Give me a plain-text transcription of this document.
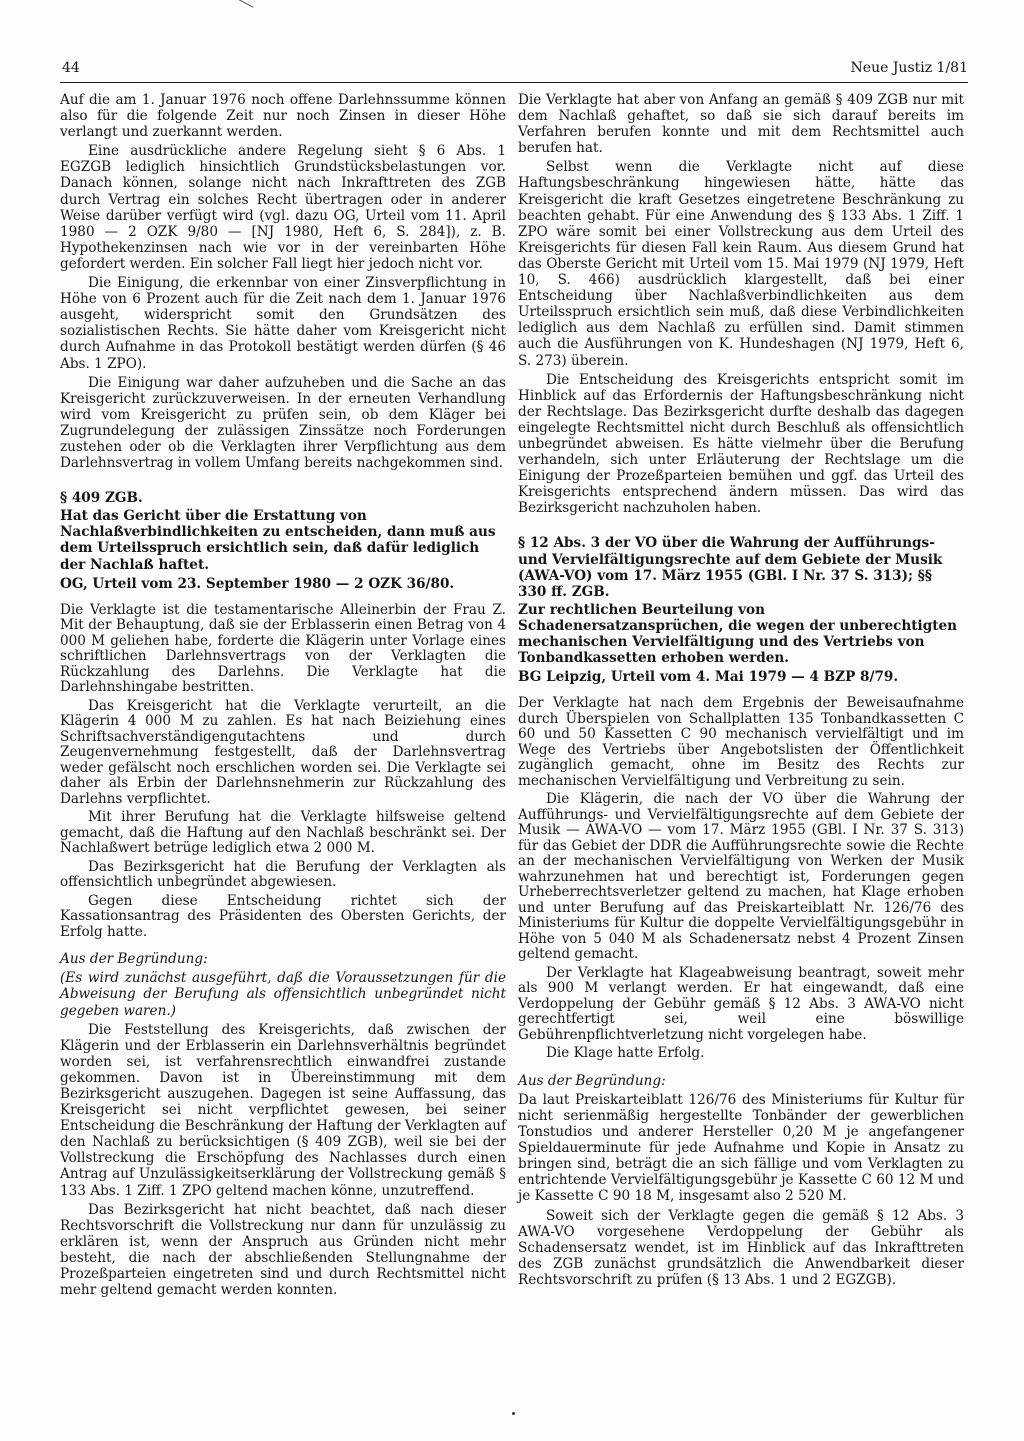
44	Neue Justiz 1/81

Auf die am 1. Januar 1976 noch offene Darlehnssumme können also für die folgende Zeit nur noch Zinsen in dieser Höhe verlangt und zuerkannt werden.

Eine ausdrückliche andere Regelung sieht § 6 Abs. 1 EGZGB lediglich hinsichtlich Grundstücksbelastungen vor. Danach können, solange nicht nach Inkrafttreten des ZGB durch Vertrag ein solches Recht übertragen oder in anderer Weise darüber verfügt wird (vgl. dazu OG, Urteil vom 11. April 1980 — 2 OZK 9/80 — [NJ 1980, Heft 6, S. 284]), z. B. Hypothekenzinsen nach wie vor in der vereinbarten Höhe gefordert werden. Ein solcher Fall liegt hier jedoch nicht vor.

Die Einigung, die erkennbar von einer Zinsverpflichtung in Höhe von 6 Prozent auch für die Zeit nach dem 1. Januar 1976 ausgeht, widerspricht somit den Grundsätzen des sozialistischen Rechts. Sie hätte daher vom Kreisgericht nicht durch Aufnahme in das Protokoll bestätigt werden dürfen (§ 46 Abs. 1 ZPO).

Die Einigung war daher aufzuheben und die Sache an das Kreisgericht zurückzuverweisen. In der erneuten Verhandlung wird vom Kreisgericht zu prüfen sein, ob dem Kläger bei Zugrundelegung der zulässigen Zinssätze noch Forderungen zustehen oder ob die Verklagten ihrer Verpflichtung aus dem Darlehnsvertrag in vollem Umfang bereits nachgekommen sind.

§ 409 ZGB.
Hat das Gericht über die Erstattung von Nachlaßverbindlichkeiten zu entscheiden, dann muß aus dem Urteilsspruch ersichtlich sein, daß dafür lediglich der Nachlaß haftet.
OG, Urteil vom 23. September 1980 — 2 OZK 36/80.

Die Verklagte ist die testamentarische Alleinerbin der Frau Z. Mit der Behauptung, daß sie der Erblasserin einen Betrag von 4 000 M geliehen habe, forderte die Klägerin unter Vorlage eines schriftlichen Darlehnsvertrags von der Verklagten die Rückzahlung des Darlehns. Die Verklagte hat die Darlehnshingabe bestritten.

Das Kreisgericht hat die Verklagte verurteilt, an die Klägerin 4 000 M zu zahlen. Es hat nach Beiziehung eines Schriftsachverständigengutachtens und durch Zeugenvernehmung festgestellt, daß der Darlehnsvertrag weder gefälscht noch erschlichen worden sei. Die Verklagte sei daher als Erbin der Darlehnsnehmerin zur Rückzahlung des Darlehns verpflichtet.

Mit ihrer Berufung hat die Verklagte hilfsweise geltend gemacht, daß die Haftung auf den Nachlaß beschränkt sei. Der Nachlaßwert betrüge lediglich etwa 2 000 M.

Das Bezirksgericht hat die Berufung der Verklagten als offensichtlich unbegründet abgewiesen.

Gegen diese Entscheidung richtet sich der Kassationsantrag des Präsidenten des Obersten Gerichts, der Erfolg hatte.

Aus der Begründung:
(Es wird zunächst ausgeführt, daß die Voraussetzungen für die Abweisung der Berufung als offensichtlich unbegründet nicht gegeben waren.)

Die Feststellung des Kreisgerichts, daß zwischen der Klägerin und der Erblasserin ein Darlehnsverhältnis begründet worden sei, ist verfahrensrechtlich einwandfrei zustande gekommen. Davon ist in Übereinstimmung mit dem Bezirksgericht auszugehen. Dagegen ist seine Auffassung, das Kreisgericht sei nicht verpflichtet gewesen, bei seiner Entscheidung die Beschränkung der Haftung der Verklagten auf den Nachlaß zu berücksichtigen (§ 409 ZGB), weil sie bei der Vollstreckung die Erschöpfung des Nachlasses durch einen Antrag auf Unzulässigkeitserklärung der Vollstreckung gemäß § 133 Abs. 1 Ziff. 1 ZPO geltend machen könne, unzutreffend.

Das Bezirksgericht hat nicht beachtet, daß nach dieser Rechtsvorschrift die Vollstreckung nur dann für unzulässig zu erklären ist, wenn der Anspruch aus Gründen nicht mehr besteht, die nach der abschließenden Stellungnahme der Prozeßparteien eingetreten sind und durch Rechtsmittel nicht mehr geltend gemacht werden konnten.

Die Verklagte hat aber von Anfang an gemäß § 409 ZGB nur mit dem Nachlaß gehaftet, so daß sie sich darauf bereits im Verfahren berufen konnte und mit dem Rechtsmittel auch berufen hat.

Selbst wenn die Verklagte nicht auf diese Haftungsbeschränkung hingewiesen hätte, hätte das Kreisgericht die kraft Gesetzes eingetretene Beschränkung zu beachten gehabt. Für eine Anwendung des § 133 Abs. 1 Ziff. 1 ZPO wäre somit bei einer Vollstreckung aus dem Urteil des Kreisgerichts für diesen Fall kein Raum. Aus diesem Grund hat das Oberste Gericht mit Urteil vom 15. Mai 1979 (NJ 1979, Heft 10, S. 466) ausdrücklich klargestellt, daß bei einer Entscheidung über Nachlaßverbindlichkeiten aus dem Urteilsspruch ersichtlich sein muß, daß diese Verbindlichkeiten lediglich aus dem Nachlaß zu erfüllen sind. Damit stimmen auch die Ausführungen von K. Hundeshagen (NJ 1979, Heft 6, S. 273) überein.

Die Entscheidung des Kreisgerichts entspricht somit im Hinblick auf das Erfordernis der Haftungsbeschränkung nicht der Rechtslage. Das Bezirksgericht durfte deshalb das dagegen eingelegte Rechtsmittel nicht durch Beschluß als offensichtlich unbegründet abweisen. Es hätte vielmehr über die Berufung verhandeln, sich unter Erläuterung der Rechtslage um die Einigung der Prozeßparteien bemühen und ggf. das Urteil des Kreisgerichts entsprechend ändern müssen. Das wird das Bezirksgericht nachzuholen haben.

§ 12 Abs. 3 der VO über die Wahrung der Aufführungs- und Vervielfältigungsrechte auf dem Gebiete der Musik (AWA-VO) vom 17. März 1955 (GBl. I Nr. 37 S. 313); §§ 330 ff. ZGB.
Zur rechtlichen Beurteilung von Schadenersatzansprüchen, die wegen der unberechtigten mechanischen Vervielfältigung und des Vertriebs von Tonbandkassetten erhoben werden.
BG Leipzig, Urteil vom 4. Mai 1979 — 4 BZP 8/79.

Der Verklagte hat nach dem Ergebnis der Beweisaufnahme durch Überspielen von Schallplatten 135 Tonbandkassetten C 60 und 50 Kassetten C 90 mechanisch vervielfältigt und im Wege des Vertriebs über Angebotslisten der Öffentlichkeit zugänglich gemacht, ohne im Besitz des Rechts zur mechanischen Vervielfältigung und Verbreitung zu sein.

Die Klägerin, die nach der VO über die Wahrung der Aufführungs- und Vervielfältigungsrechte auf dem Gebiete der Musik — AWA-VO — vom 17. März 1955 (GBl. I Nr. 37 S. 313) für das Gebiet der DDR die Aufführungsrechte sowie die Rechte an der mechanischen Vervielfältigung von Werken der Musik wahrzunehmen hat und berechtigt ist, Forderungen gegen Urheberrechtsverletzer geltend zu machen, hat Klage erhoben und unter Berufung auf das Preiskarteiblatt Nr. 126/76 des Ministeriums für Kultur die doppelte Vervielfältigungsgebühr in Höhe von 5 040 M als Schadenersatz nebst 4 Prozent Zinsen geltend gemacht.

Der Verklagte hat Klageabweisung beantragt, soweit mehr als 900 M verlangt werden. Er hat eingewandt, daß eine Verdoppelung der Gebühr gemäß § 12 Abs. 3 AWA-VO nicht gerechtfertigt sei, weil eine böswillige Gebührenpflichtverletzung nicht vorgelegen habe.

Die Klage hatte Erfolg.

Aus der Begründung:

Da laut Preiskarteiblatt 126/76 des Ministeriums für Kultur für nicht serienmäßig hergestellte Tonbänder der gewerblichen Tonstudios und anderer Hersteller 0,20 M je angefangener Spieldauerminute für jede Aufnahme und Kopie in Ansatz zu bringen sind, beträgt die an sich fällige und vom Verklagten zu entrichtende Vervielfältigungsgebühr je Kassette C 60 12 M und je Kassette C 90 18 M, insgesamt also 2 520 M.

Soweit sich der Verklagte gegen die gemäß § 12 Abs. 3 AWA-VO vorgesehene Verdoppelung der Gebühr als Schadensersatz wendet, ist im Hinblick auf das Inkrafttreten des ZGB zunächst grundsätzlich die Anwendbarkeit dieser Rechtsvorschrift zu prüfen (§ 13 Abs. 1 und 2 EGZGB).
